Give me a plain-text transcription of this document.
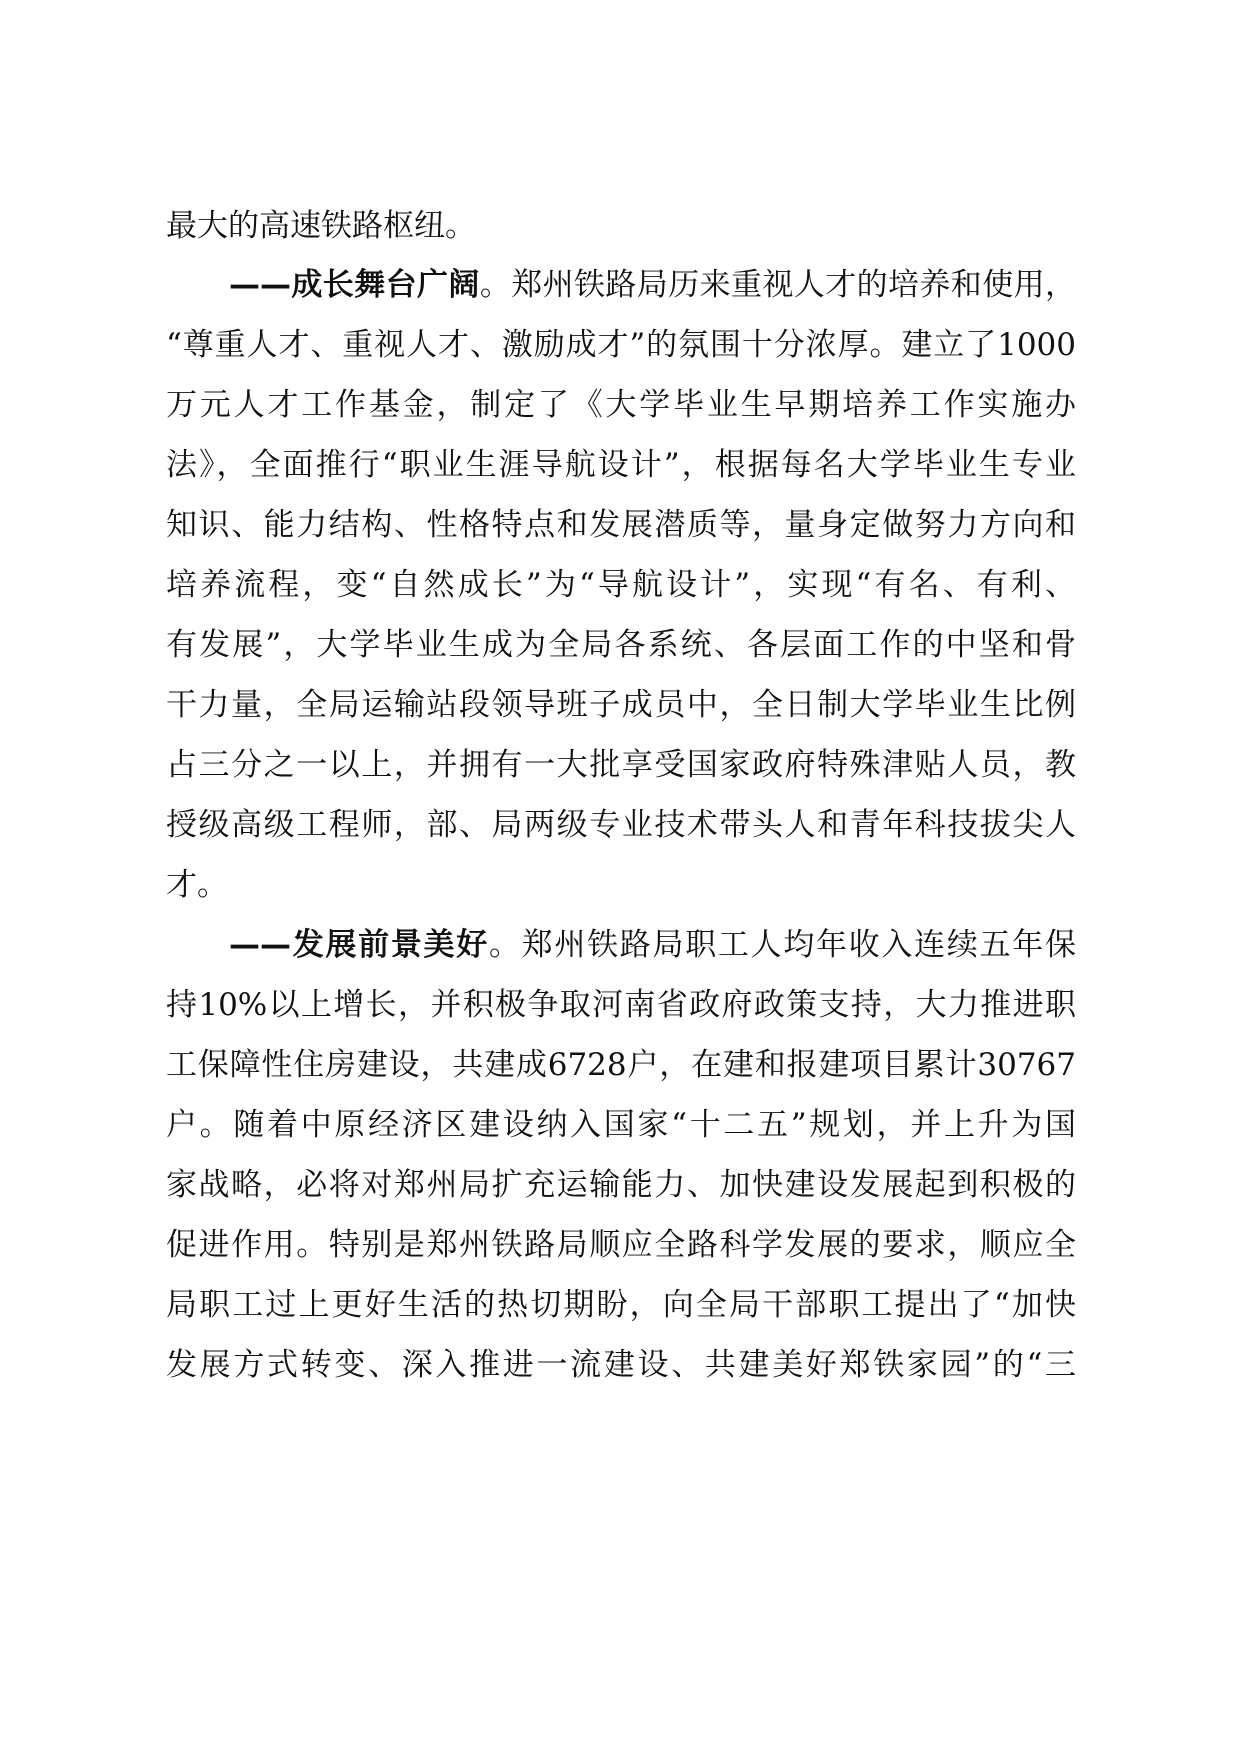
最大的高速铁路枢纽。
——成长舞台广阔。郑州铁路局历来重视人才的培养和使用，
“尊重人才、重视人才、激励成才”的氛围十分浓厚。建立了1000
万元人才工作基金，制定了《大学毕业生早期培养工作实施办
法》，全面推行“职业生涯导航设计”，根据每名大学毕业生专业
知识、能力结构、性格特点和发展潜质等，量身定做努力方向和
培养流程，变“自然成长”为“导航设计”，实现“有名、有利、
有发展”，大学毕业生成为全局各系统、各层面工作的中坚和骨
干力量，全局运输站段领导班子成员中，全日制大学毕业生比例
占三分之一以上，并拥有一大批享受国家政府特殊津贴人员，教
授级高级工程师，部、局两级专业技术带头人和青年科技拔尖人
才。
——发展前景美好。郑州铁路局职工人均年收入连续五年保
持10%以上增长，并积极争取河南省政府政策支持，大力推进职
工保障性住房建设，共建成6728户，在建和报建项目累计30767
户。随着中原经济区建设纳入国家“十二五”规划，并上升为国
家战略，必将对郑州局扩充运输能力、加快建设发展起到积极的
促进作用。特别是郑州铁路局顺应全路科学发展的要求，顺应全
局职工过上更好生活的热切期盼，向全局干部职工提出了“加快
发展方式转变、深入推进一流建设、共建美好郑铁家园”的“三
